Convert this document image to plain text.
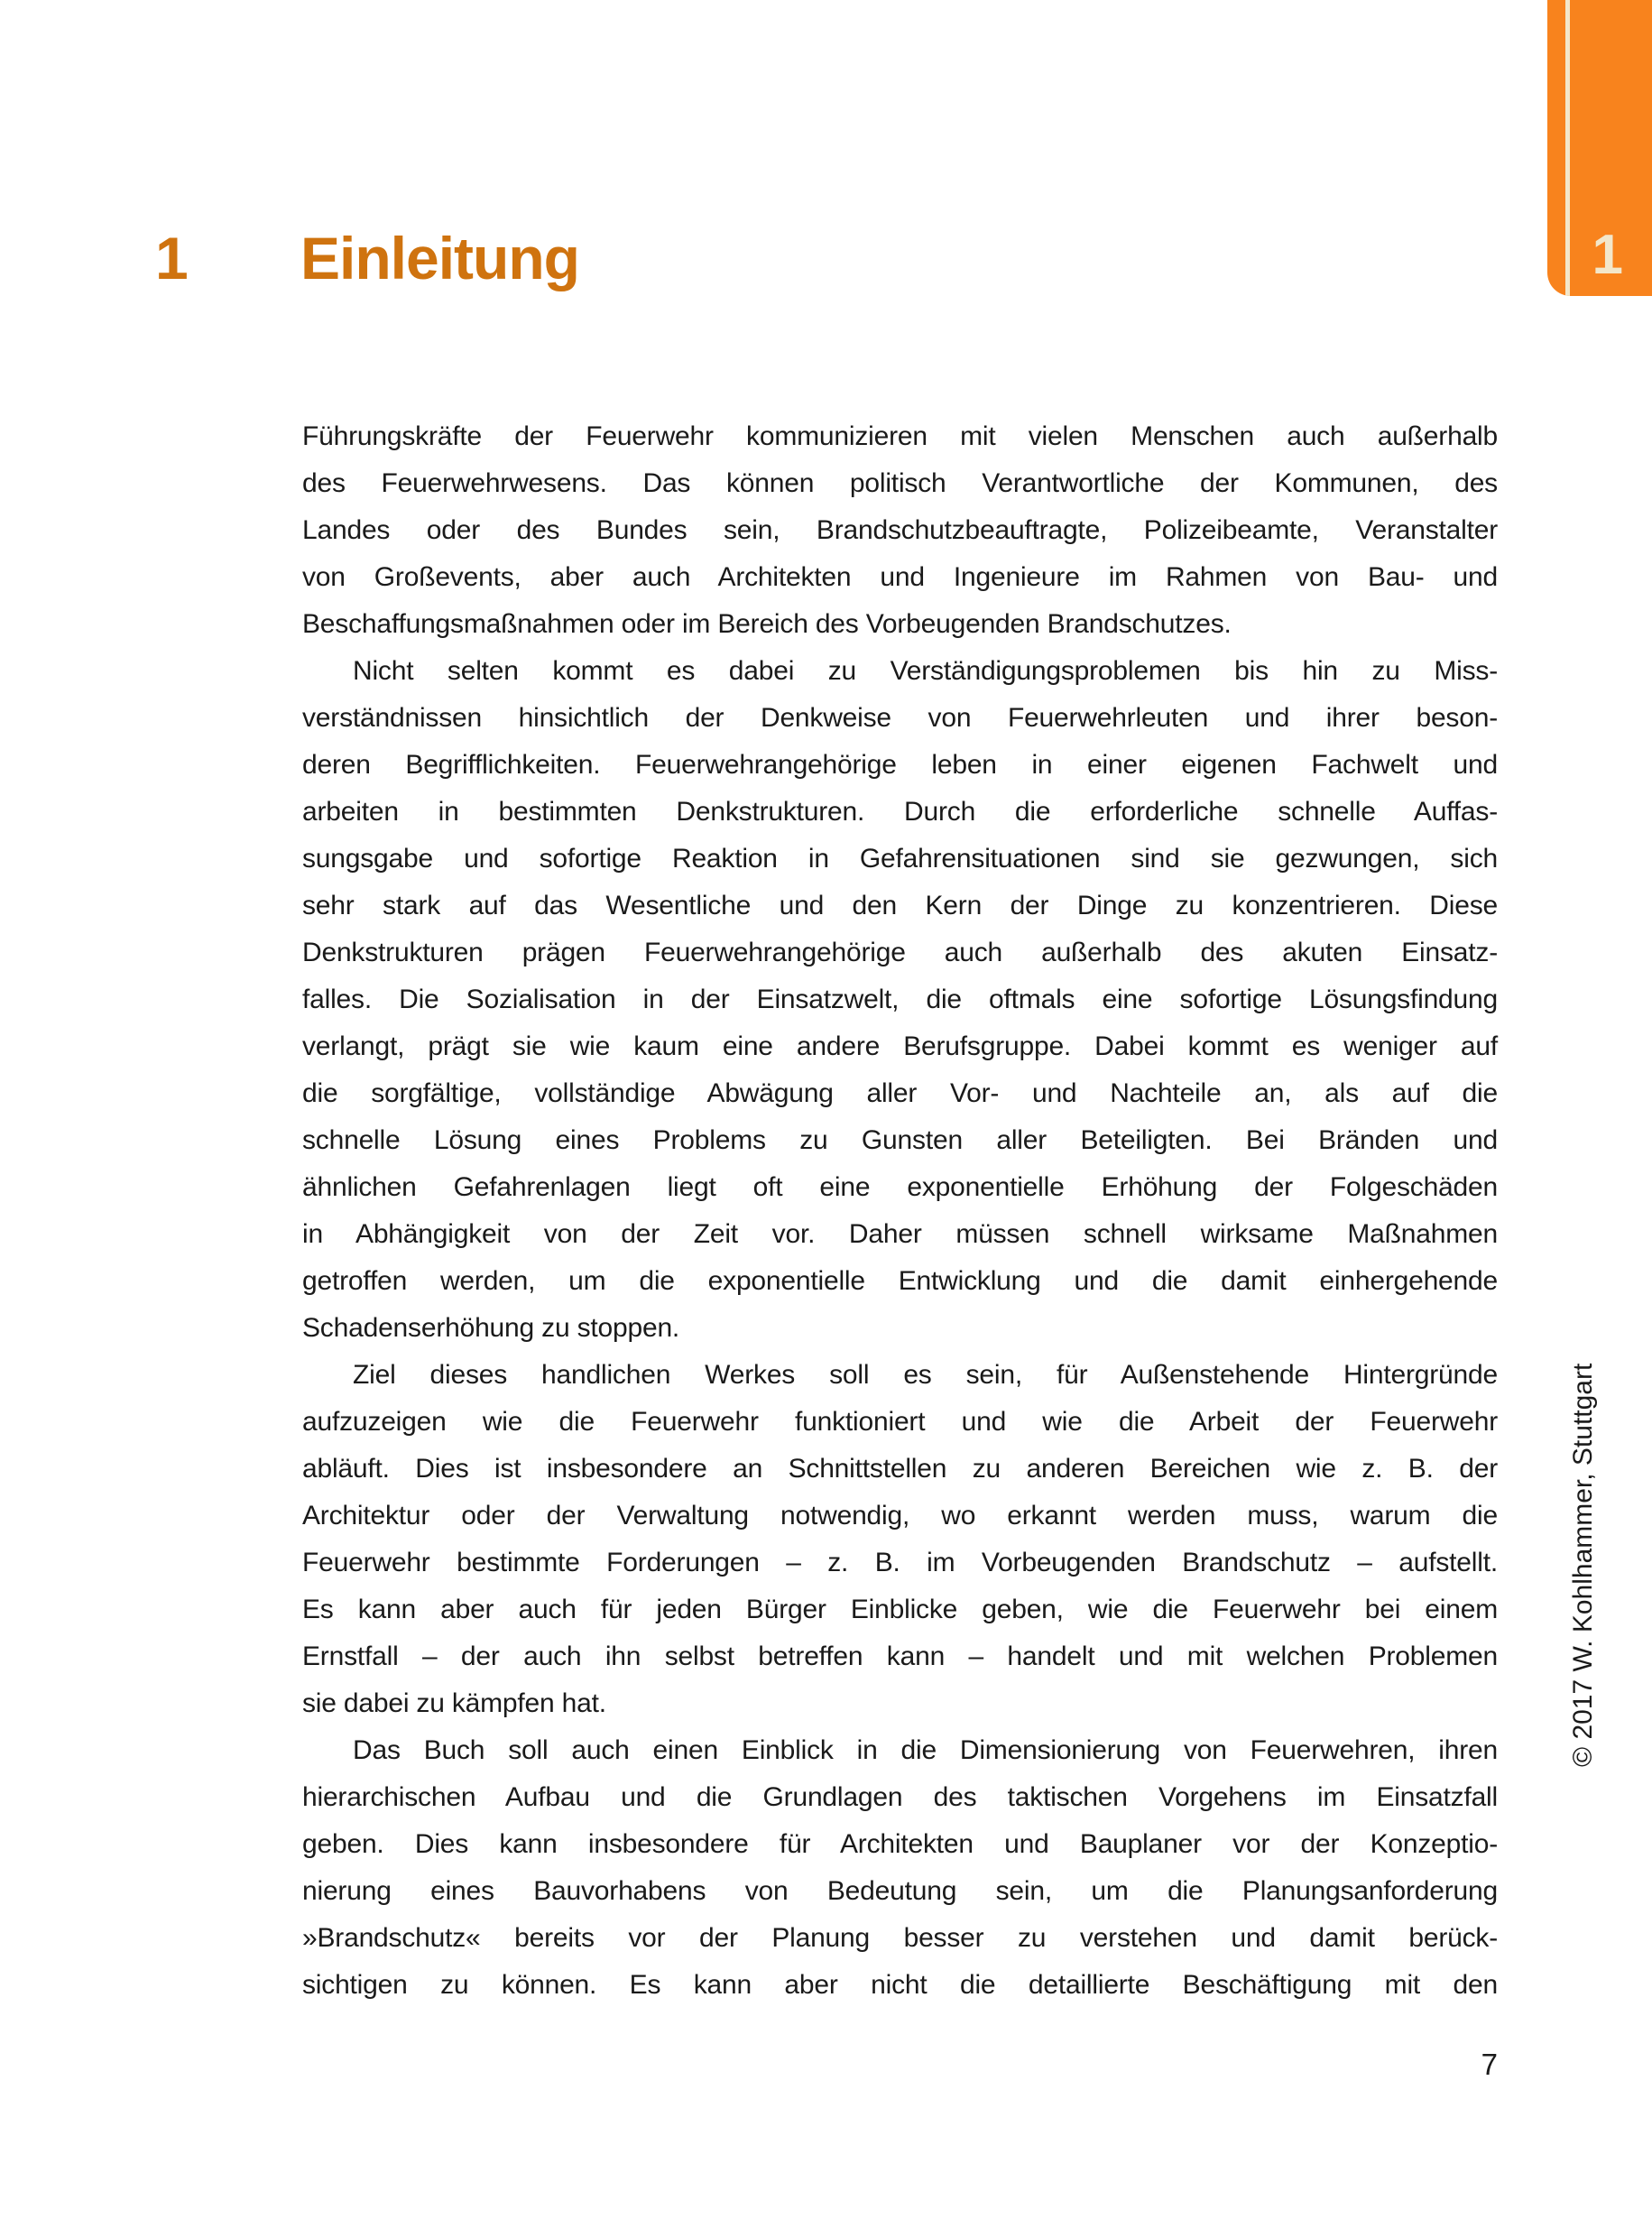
1
1 Einleitung
Führungskräfte der Feuerwehr kommunizieren mit vielen Menschen auch außerhalb
des Feuerwehrwesens. Das können politisch Verantwortliche der Kommunen, des
Landes oder des Bundes sein, Brandschutzbeauftragte, Polizeibeamte, Veranstalter
von Großevents, aber auch Architekten und Ingenieure im Rahmen von Bau- und
Beschaffungsmaßnahmen oder im Bereich des Vorbeugenden Brandschutzes.
Nicht selten kommt es dabei zu Verständigungsproblemen bis hin zu Miss-
verständnissen hinsichtlich der Denkweise von Feuerwehrleuten und ihrer beson-
deren Begrifflichkeiten. Feuerwehrangehörige leben in einer eigenen Fachwelt und
arbeiten in bestimmten Denkstrukturen. Durch die erforderliche schnelle Auffas-
sungsgabe und sofortige Reaktion in Gefahrensituationen sind sie gezwungen, sich
sehr stark auf das Wesentliche und den Kern der Dinge zu konzentrieren. Diese
Denkstrukturen prägen Feuerwehrangehörige auch außerhalb des akuten Einsatz-
falles. Die Sozialisation in der Einsatzwelt, die oftmals eine sofortige Lösungsfindung
verlangt, prägt sie wie kaum eine andere Berufsgruppe. Dabei kommt es weniger auf
die sorgfältige, vollständige Abwägung aller Vor- und Nachteile an, als auf die
schnelle Lösung eines Problems zu Gunsten aller Beteiligten. Bei Bränden und
ähnlichen Gefahrenlagen liegt oft eine exponentielle Erhöhung der Folgeschäden
in Abhängigkeit von der Zeit vor. Daher müssen schnell wirksame Maßnahmen
getroffen werden, um die exponentielle Entwicklung und die damit einhergehende
Schadenserhöhung zu stoppen.
Ziel dieses handlichen Werkes soll es sein, für Außenstehende Hintergründe
aufzuzeigen wie die Feuerwehr funktioniert und wie die Arbeit der Feuerwehr
abläuft. Dies ist insbesondere an Schnittstellen zu anderen Bereichen wie z. B. der
Architektur oder der Verwaltung notwendig, wo erkannt werden muss, warum die
Feuerwehr bestimmte Forderungen – z. B. im Vorbeugenden Brandschutz – aufstellt.
Es kann aber auch für jeden Bürger Einblicke geben, wie die Feuerwehr bei einem
Ernstfall – der auch ihn selbst betreffen kann – handelt und mit welchen Problemen
sie dabei zu kämpfen hat.
Das Buch soll auch einen Einblick in die Dimensionierung von Feuerwehren, ihren
hierarchischen Aufbau und die Grundlagen des taktischen Vorgehens im Einsatzfall
geben. Dies kann insbesondere für Architekten und Bauplaner vor der Konzeptio-
nierung eines Bauvorhabens von Bedeutung sein, um die Planungsanforderung
»Brandschutz« bereits vor der Planung besser zu verstehen und damit berück-
sichtigen zu können. Es kann aber nicht die detaillierte Beschäftigung mit den
© 2017 W. Kohlhammer, Stuttgart
7
